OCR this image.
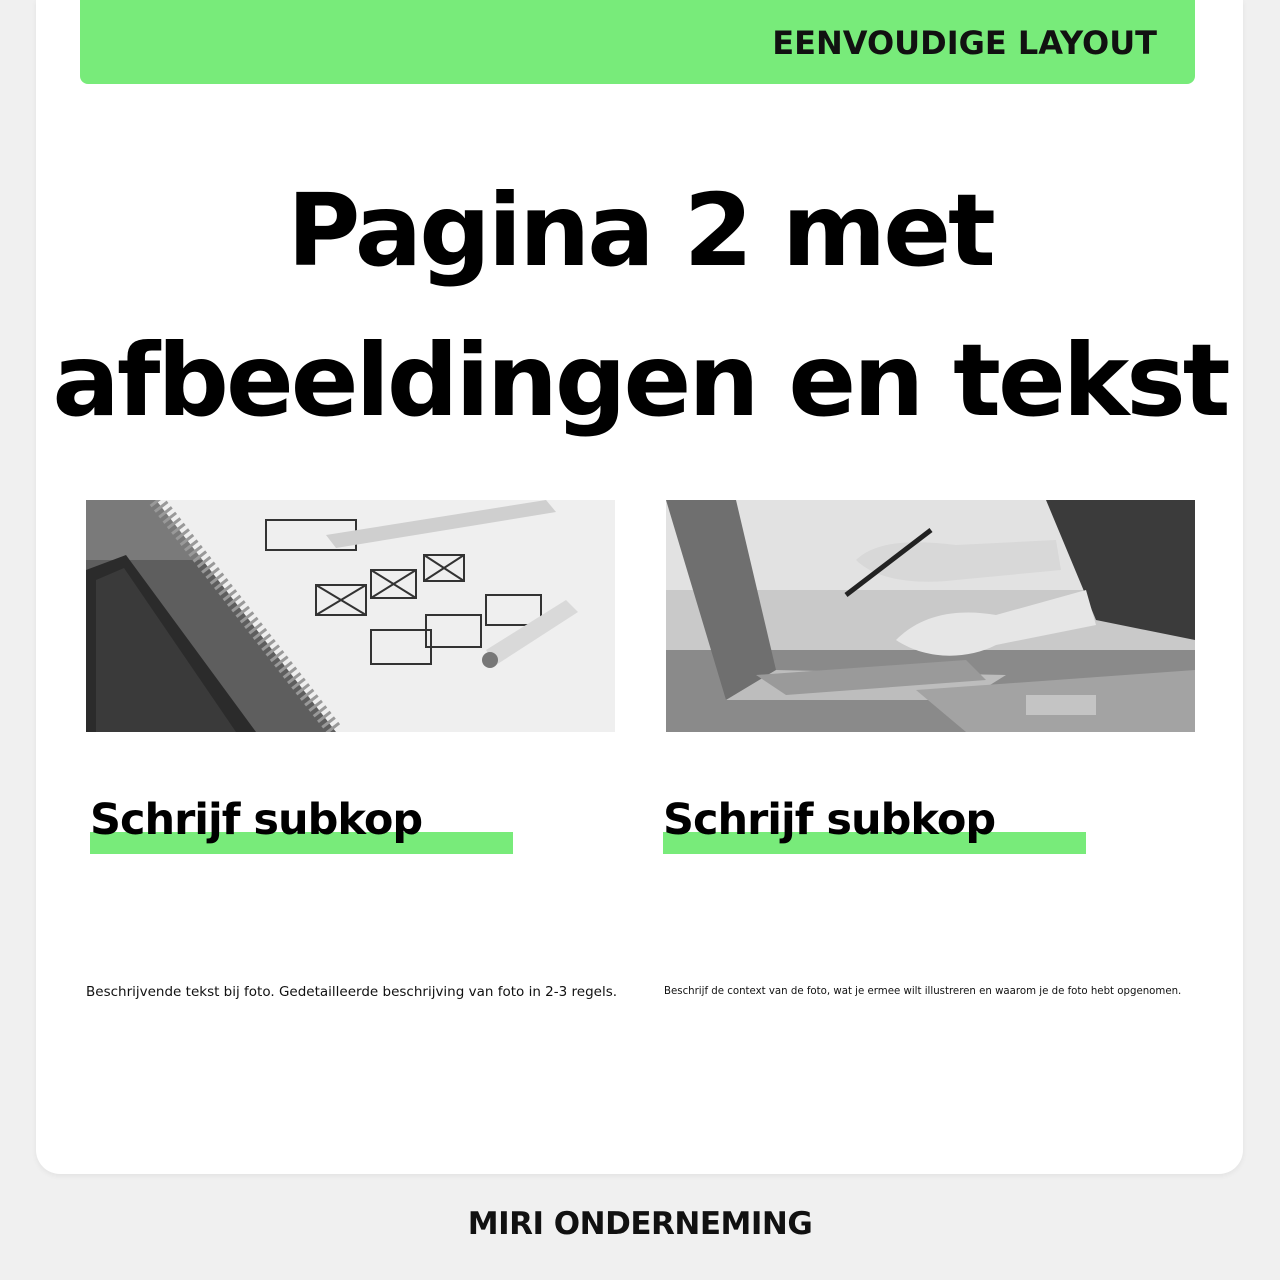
EENVOUDIGE LAYOUT
Pagina 2 met
afbeeldingen en tekst
Schrijf subkop	Schrijf subkop

Beschrijvende tekst bij foto. Gedetailleerde beschrijving van foto in 2-3 regels.	Beschrijf de context van de foto, wat je ermee wilt illustreren en waarom je de foto hebt opgenomen.

MIRI ONDERNEMING
